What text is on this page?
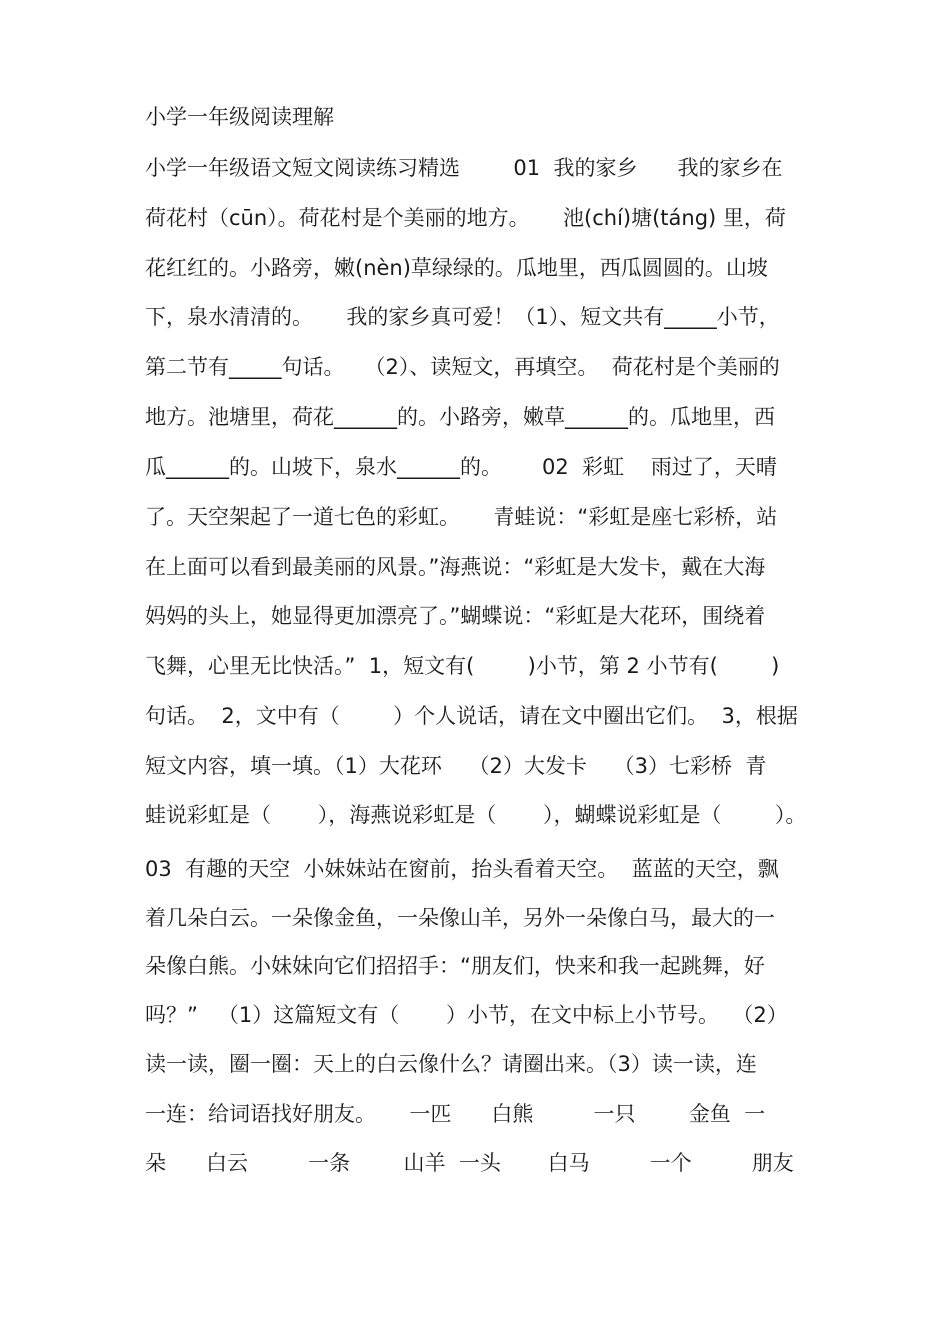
小学一年级阅读理解
小学一年级语文短文阅读练习精选        01  我的家乡      我的家乡在
荷花村（cūn）。荷花村是个美丽的地方。     池(chí)塘(táng) 里，荷
花红红的。小路旁，嫩(nèn)草绿绿的。瓜地里，西瓜圆圆的。山坡
下，泉水清清的。     我的家乡真可爱！（1）、短文共有_____小节，
第二节有_____句话。   （2）、读短文，再填空。  荷花村是个美丽的
地方。池塘里，荷花______的。小路旁，嫩草______的。瓜地里，西
瓜______的。山坡下，泉水______的。      02  彩虹    雨过了，天晴
了。天空架起了一道七色的彩虹。     青蛙说：“彩虹是座七彩桥，站
在上面可以看到最美丽的风景。”海燕说：“彩虹是大发卡，戴在大海
妈妈的头上，她显得更加漂亮了。”蝴蝶说：“彩虹是大花环，围绕着
飞舞，心里无比快活。”  1，短文有(        )小节，第 2 小节有(        )
句话。  2，文中有（        ）个人说话，请在文中圈出它们。  3，根据
短文内容，填一填。（1）大花环    （2）大发卡    （3）七彩桥  青
蛙说彩虹是（       ），海燕说彩虹是（       ），蝴蝶说彩虹是（        ）。
03  有趣的天空  小妹妹站在窗前，抬头看着天空。  蓝蓝的天空，飘
着几朵白云。一朵像金鱼，一朵像山羊，另外一朵像白马，最大的一
朵像白熊。小妹妹向它们招招手：“朋友们，快来和我一起跳舞，好
吗？”   （1）这篇短文有（       ）小节，在文中标上小节号。  （2）
读一读，圈一圈：天上的白云像什么？请圈出来。（3）读一读，连
一连：给词语找好朋友。     一匹      白熊         一只        金鱼  一
朵      白云         一条        山羊  一头       白马         一个         朋友
